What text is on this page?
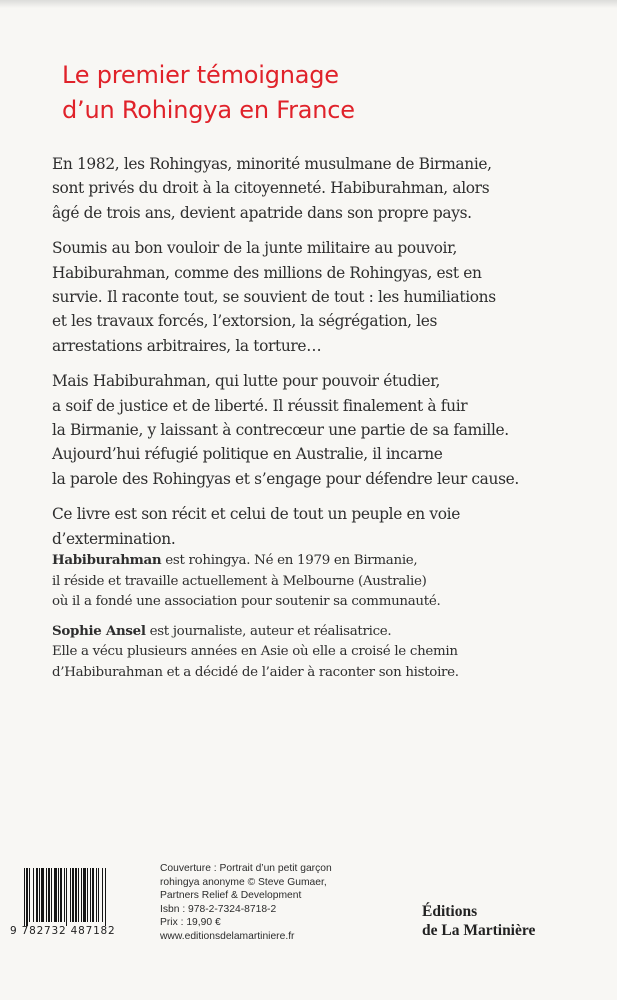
Le premier témoignage
d’un Rohingya en France

En 1982, les Rohingyas, minorité musulmane de Birmanie,
sont privés du droit à la citoyenneté. Habiburahman, alors
âgé de trois ans, devient apatride dans son propre pays.

Soumis au bon vouloir de la junte militaire au pouvoir,
Habiburahman, comme des millions de Rohingyas, est en
survie. Il raconte tout, se souvient de tout : les humiliations
et les travaux forcés, l’extorsion, la ségrégation, les
arrestations arbitraires, la torture…

Mais Habiburahman, qui lutte pour pouvoir étudier,
a soif de justice et de liberté. Il réussit finalement à fuir
la Birmanie, y laissant à contrecœur une partie de sa famille.
Aujourd’hui réfugié politique en Australie, il incarne
la parole des Rohingyas et s’engage pour défendre leur cause.

Ce livre est son récit et celui de tout un peuple en voie
d’extermination.

Habiburahman est rohingya. Né en 1979 en Birmanie,
il réside et travaille actuellement à Melbourne (Australie)
où il a fondé une association pour soutenir sa communauté.

Sophie Ansel est journaliste, auteur et réalisatrice.
Elle a vécu plusieurs années en Asie où elle a croisé le chemin
d’Habiburahman et a décidé de l’aider à raconter son histoire.

9 782732 487182
Couverture : Portrait d’un petit garçon
rohingya anonyme © Steve Gumaer,
Partners Relief & Development
Isbn : 978-2-7324-8718-2
Prix : 19,90 €
www.editionsdelamartiniere.fr
Éditions
de La Martinière
